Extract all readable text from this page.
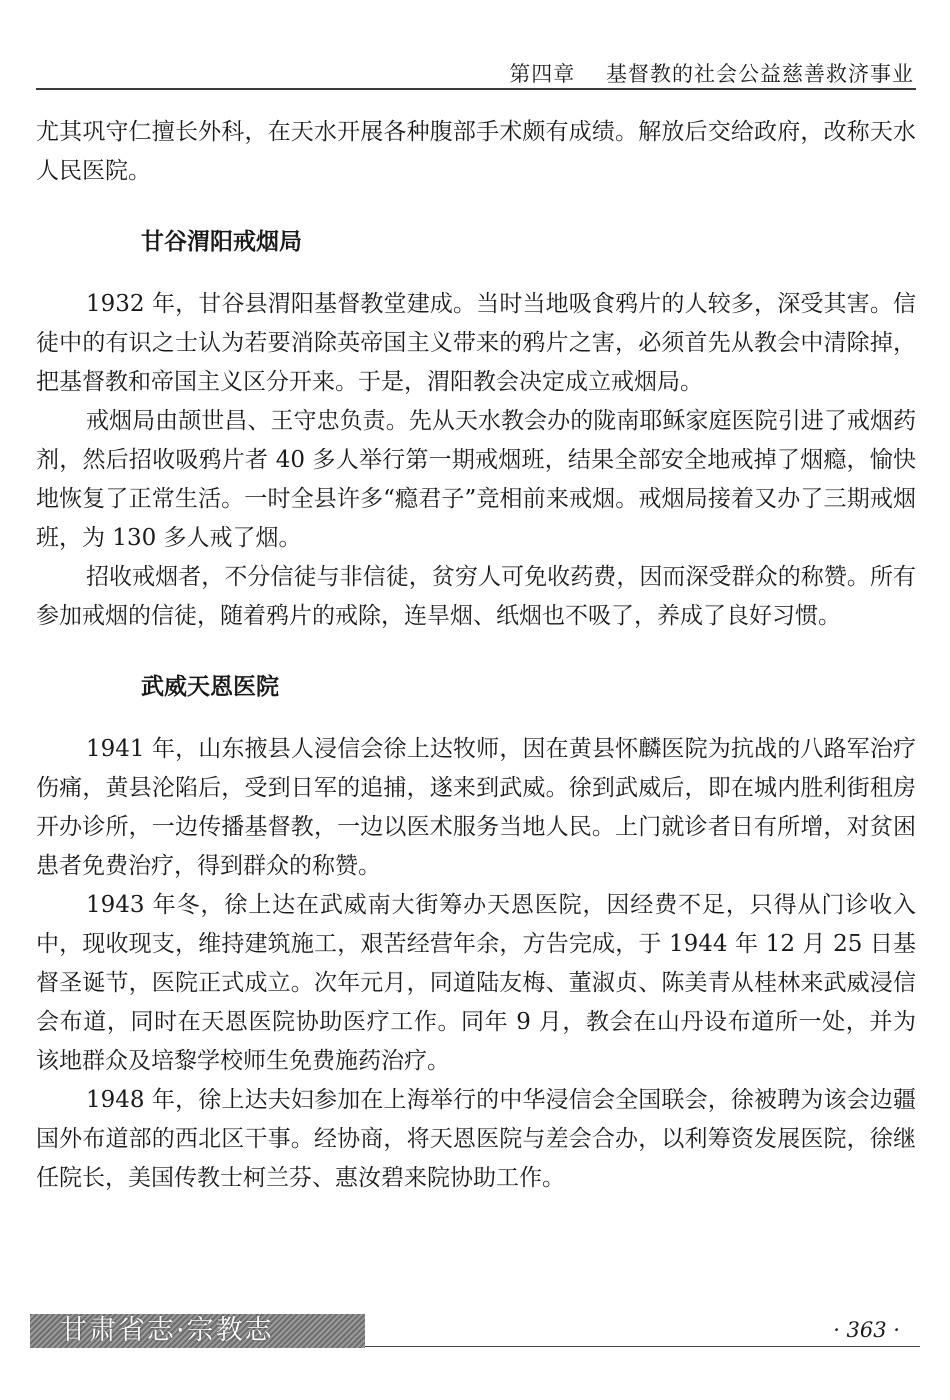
第四章    基督教的社会公益慈善救济事业

尤其巩守仁擅长外科，在天水开展各种腹部手术颇有成绩。解放后交给政府，改称天水人民医院。

甘谷渭阳戒烟局

1932 年，甘谷县渭阳基督教堂建成。当时当地吸食鸦片的人较多，深受其害。信徒中的有识之士认为若要消除英帝国主义带来的鸦片之害，必须首先从教会中清除掉，把基督教和帝国主义区分开来。于是，渭阳教会决定成立戒烟局。

戒烟局由颉世昌、王守忠负责。先从天水教会办的陇南耶稣家庭医院引进了戒烟药剂，然后招收吸鸦片者 40 多人举行第一期戒烟班，结果全部安全地戒掉了烟瘾，愉快地恢复了正常生活。一时全县许多“瘾君子”竞相前来戒烟。戒烟局接着又办了三期戒烟班，为 130 多人戒了烟。

招收戒烟者，不分信徒与非信徒，贫穷人可免收药费，因而深受群众的称赞。所有参加戒烟的信徒，随着鸦片的戒除，连旱烟、纸烟也不吸了，养成了良好习惯。

武威天恩医院

1941 年，山东掖县人浸信会徐上达牧师，因在黄县怀麟医院为抗战的八路军治疗伤痛，黄县沦陷后，受到日军的追捕，遂来到武威。徐到武威后，即在城内胜利街租房开办诊所，一边传播基督教，一边以医术服务当地人民。上门就诊者日有所增，对贫困患者免费治疗，得到群众的称赞。

1943 年冬，徐上达在武威南大街筹办天恩医院，因经费不足，只得从门诊收入中，现收现支，维持建筑施工，艰苦经营年余，方告完成，于 1944 年 12 月 25 日基督圣诞节，医院正式成立。次年元月，同道陆友梅、董淑贞、陈美青从桂林来武威浸信会布道，同时在天恩医院协助医疗工作。同年 9 月，教会在山丹设布道所一处，并为该地群众及培黎学校师生免费施药治疗。

1948 年，徐上达夫妇参加在上海举行的中华浸信会全国联会，徐被聘为该会边疆国外布道部的西北区干事。经协商，将天恩医院与差会合办，以利筹资发展医院，徐继任院长，美国传教士柯兰芬、惠汝碧来院协助工作。

甘肃省志·宗教志	· 363 ·
